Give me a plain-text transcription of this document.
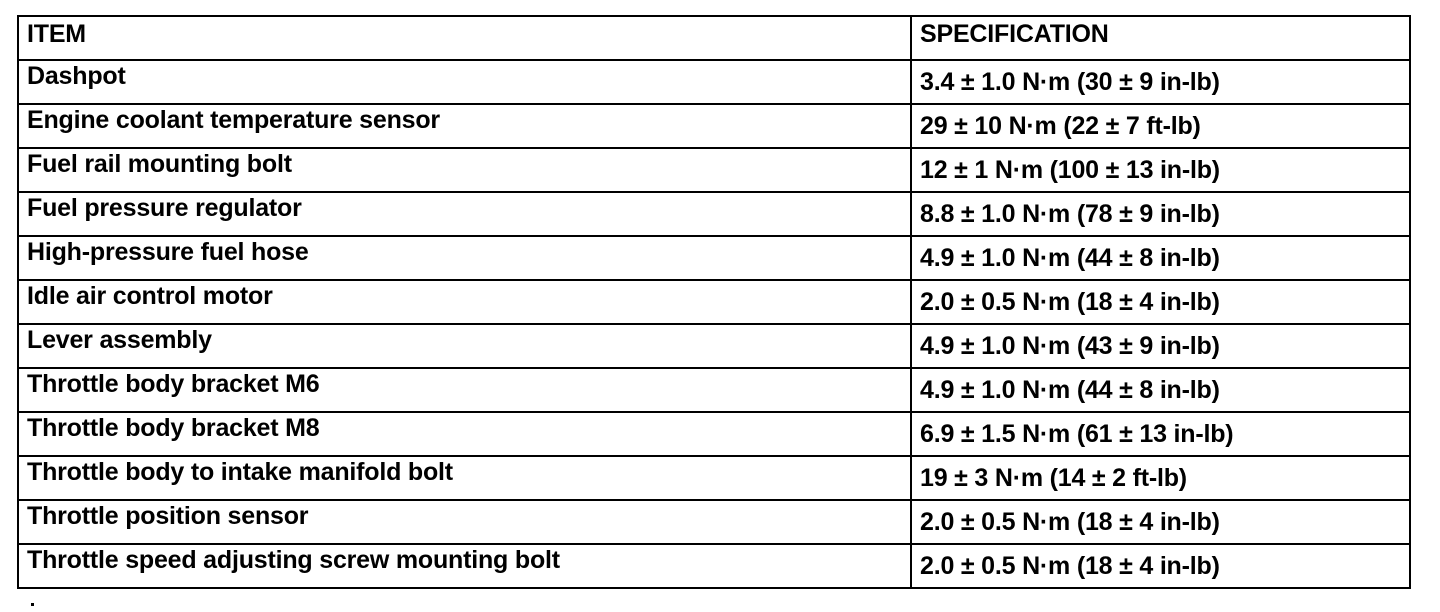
ITEM	SPECIFICATION
Dashpot	3.4 ± 1.0 N·m (30 ± 9 in-lb)
Engine coolant temperature sensor	29 ± 10 N·m (22 ± 7 ft-lb)
Fuel rail mounting bolt	12 ± 1 N·m (100 ± 13 in-lb)
Fuel pressure regulator	8.8 ± 1.0 N·m (78 ± 9 in-lb)
High-pressure fuel hose	4.9 ± 1.0 N·m (44 ± 8 in-lb)
Idle air control motor	2.0 ± 0.5 N·m (18 ± 4 in-lb)
Lever assembly	4.9 ± 1.0 N·m (43 ± 9 in-lb)
Throttle body bracket M6	4.9 ± 1.0 N·m (44 ± 8 in-lb)
Throttle body bracket M8	6.9 ± 1.5 N·m (61 ± 13 in-lb)
Throttle body to intake manifold bolt	19 ± 3 N·m (14 ± 2 ft-lb)
Throttle position sensor	2.0 ± 0.5 N·m (18 ± 4 in-lb)
Throttle speed adjusting screw mounting bolt	2.0 ± 0.5 N·m (18 ± 4 in-lb)
